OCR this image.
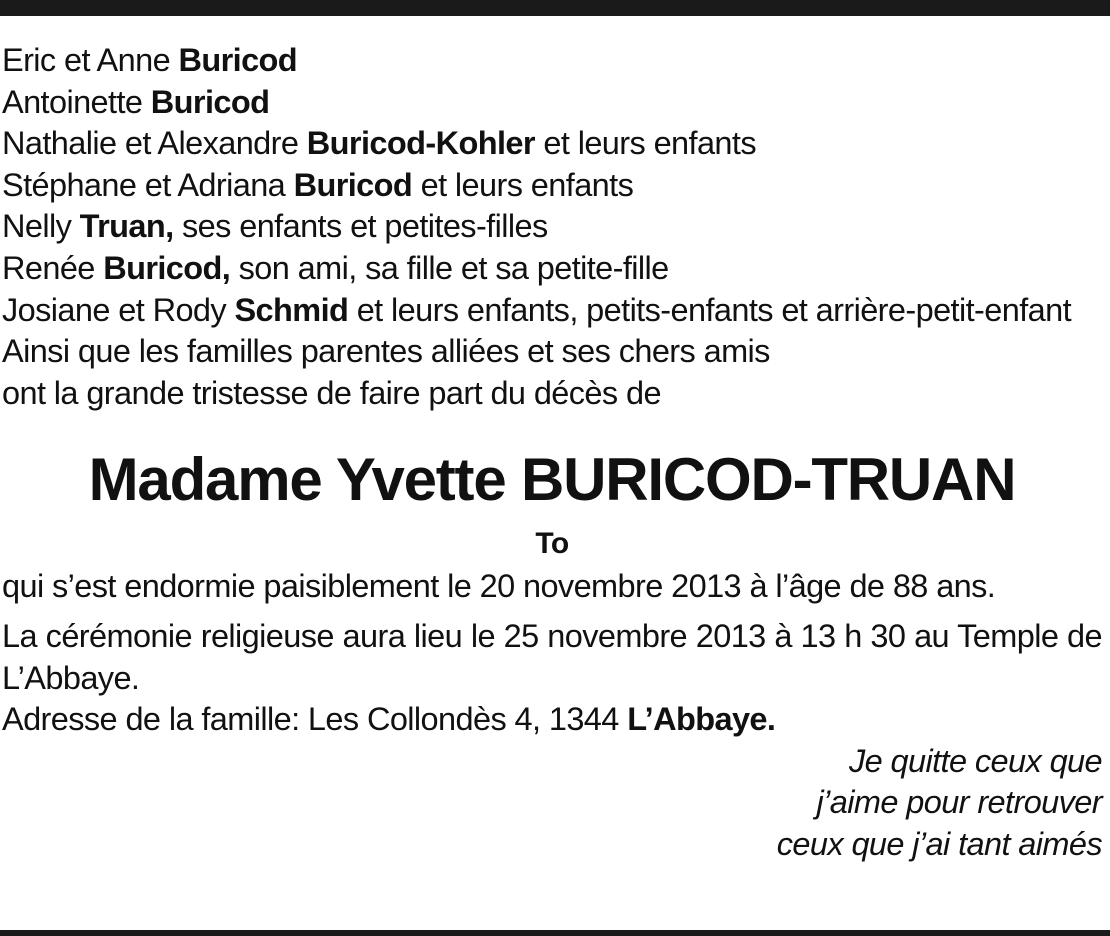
Eric et Anne Buricod

Antoinette Buricod

Nathalie et Alexandre Buricod-Kohler et leurs enfants

Stéphane et Adriana Buricod et leurs enfants

Nelly Truan, ses enfants et petites-filles

Renée Buricod, son ami, sa fille et sa petite-fille

Josiane et Rody Schmid et leurs enfants, petits-enfants et arrière-petit-enfant

Ainsi que les familles parentes alliées et ses chers amis

ont la grande tristesse de faire part du décès de

Madame Yvette BURICOD-TRUAN

To

qui s’est endormie paisiblement le 20 novembre 2013 à l’âge de 88 ans.

La cérémonie religieuse aura lieu le 25 novembre 2013 à 13 h 30 au Temple de L’Abbaye.

Adresse de la famille: Les Collondès 4, 1344 L’Abbaye.

Je quitte ceux que

j’aime pour retrouver

ceux que j’ai tant aimés
